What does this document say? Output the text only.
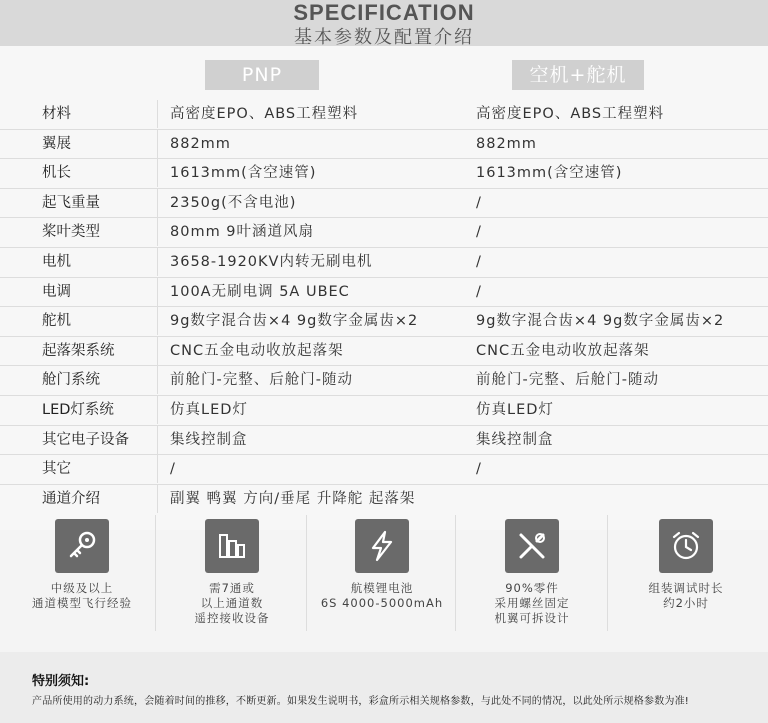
SPECIFICATION
基本参数及配置介绍
PNP	空机+舵机
材料	高密度EPO、ABS工程塑料	高密度EPO、ABS工程塑料
翼展	882mm	882mm
机长	1613mm(含空速管)	1613mm(含空速管)
起飞重量	2350g(不含电池)	/
桨叶类型	80mm 9叶涵道风扇	/
电机	3658-1920KV内转无刷电机	/
电调	100A无刷电调 5A UBEC	/
舵机	9g数字混合齿×4 9g数字金属齿×2	9g数字混合齿×4 9g数字金属齿×2
起落架系统	CNC五金电动收放起落架	CNC五金电动收放起落架
舱门系统	前舱门-完整、后舱门-随动	前舱门-完整、后舱门-随动
LED灯系统	仿真LED灯	仿真LED灯
其它电子设备	集线控制盒	集线控制盒
其它	/	/
通道介绍	副翼 鸭翼 方向/垂尾 升降舵 起落架
中级及以上
通道模型飞行经验
需7通或
以上通道数
遥控接收设备
航模锂电池
6S 4000-5000mAh
90%零件
采用螺丝固定
机翼可拆设计
组装调试时长
约2小时
特别须知:
产品所使用的动力系统，会随着时间的推移，不断更新。如果发生说明书，彩盒所示相关规格参数，与此处不同的情况，以此处所示规格参数为准!
